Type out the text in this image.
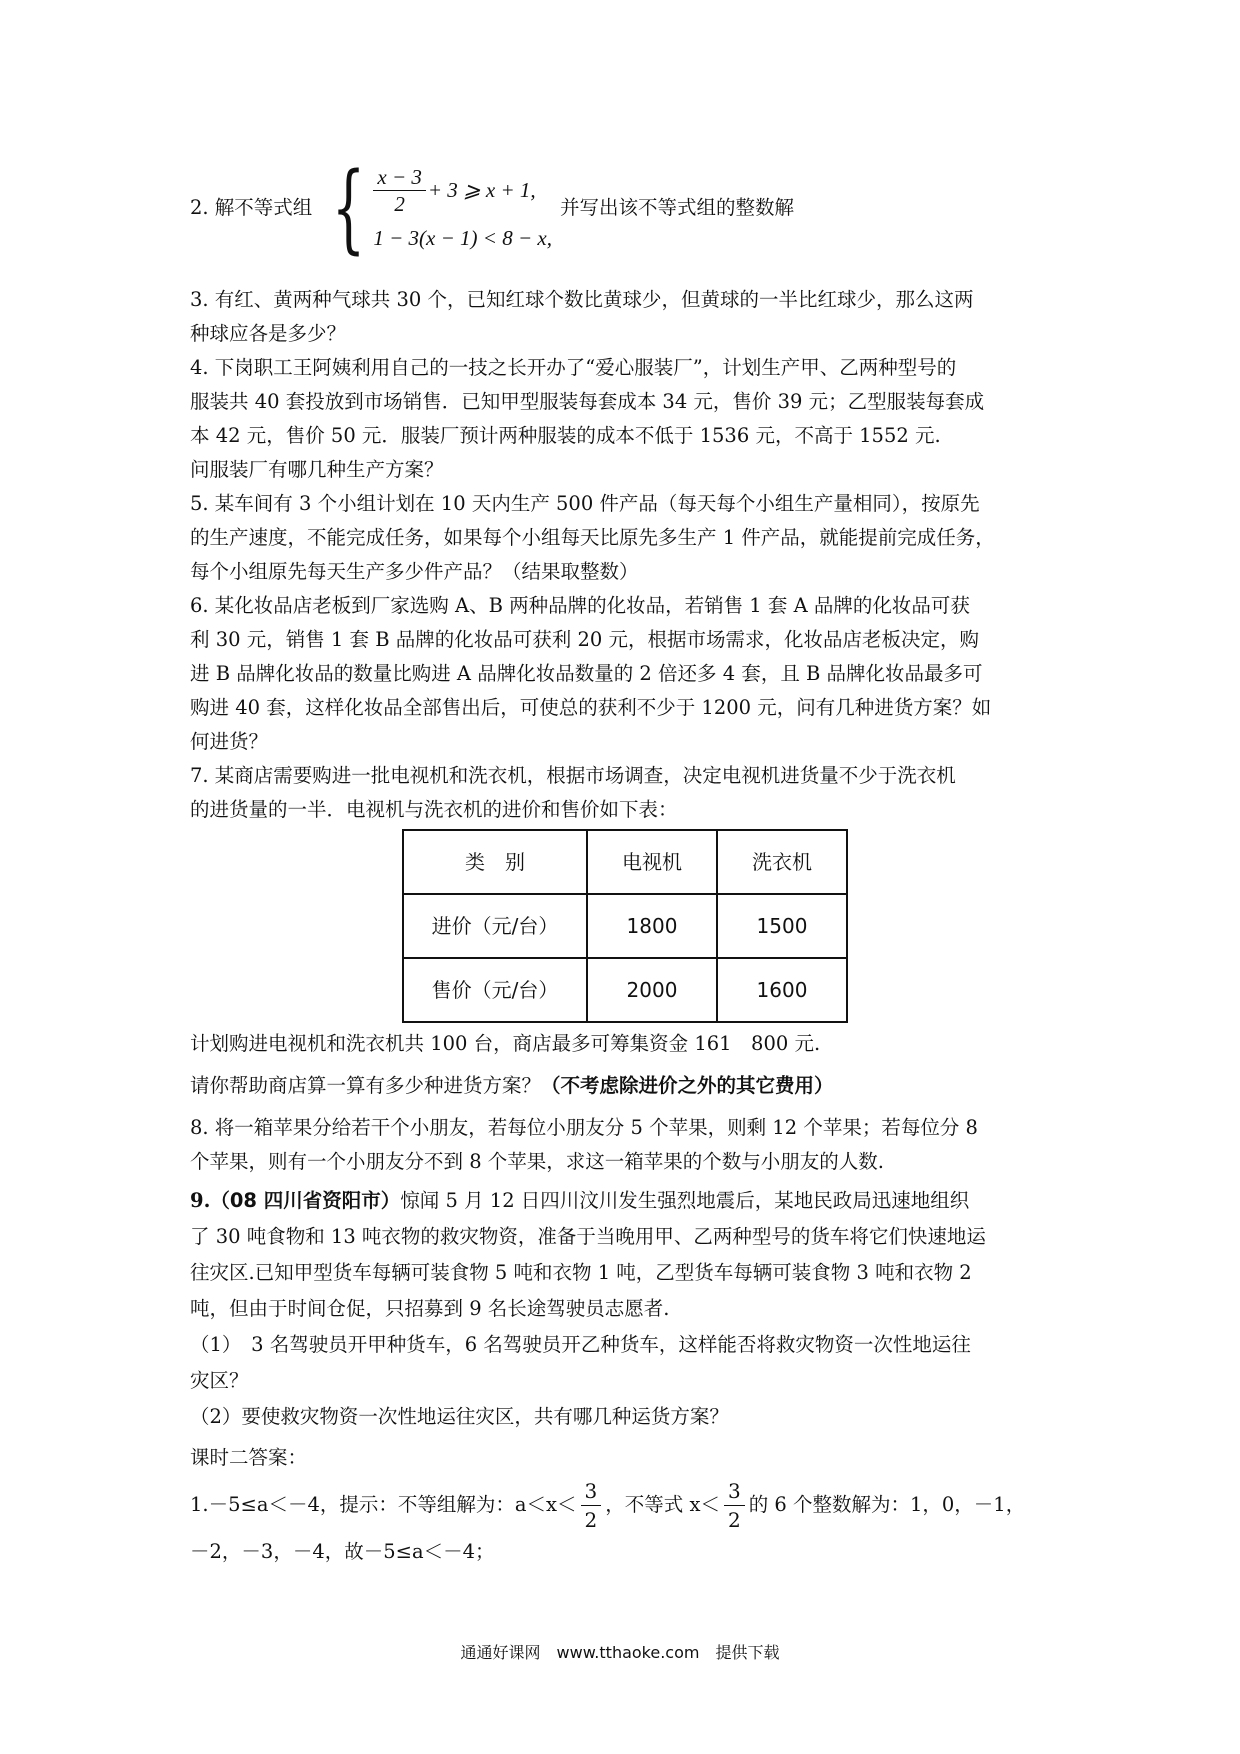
2. 解不等式组 { $\frac{x - 3}{2} + 3$ ⩾ x + 1,
1 − 3(x − 1) < 8 − x,
并写出该不等式组的整数解

3. 有红、黄两种气球共 30 个，已知红球个数比黄球少，但黄球的一半比红球少，那么这两

种球应各是多少？

4. 下岗职工王阿姨利用自己的一技之长开办了“爱心服装厂”，计划生产甲、乙两种型号的

服装共 40 套投放到市场销售．已知甲型服装每套成本 34 元，售价 39 元；乙型服装每套成

本 42 元，售价 50 元．服装厂预计两种服装的成本不低于 1536 元，不高于 1552 元.

问服装厂有哪几种生产方案？

5. 某车间有 3 个小组计划在 10 天内生产 500 件产品（每天每个小组生产量相同），按原先

的生产速度，不能完成任务，如果每个小组每天比原先多生产 1 件产品，就能提前完成任务，

每个小组原先每天生产多少件产品？（结果取整数）

6. 某化妆品店老板到厂家选购 A、B 两种品牌的化妆品，若销售 1 套 A 品牌的化妆品可获

利 30 元，销售 1 套 B 品牌的化妆品可获利 20 元，根据市场需求，化妆品店老板决定，购

进 B 品牌化妆品的数量比购进 A 品牌化妆品数量的 2 倍还多 4 套，且 B 品牌化妆品最多可

购进 40 套，这样化妆品全部售出后，可使总的获利不少于 1200 元，问有几种进货方案？如

何进货？

7. 某商店需要购进一批电视机和洗衣机，根据市场调查，决定电视机进货量不少于洗衣机

的进货量的一半．电视机与洗衣机的进价和售价如下表：

类　别	电视机	洗衣机
进价（元/台）	1800	1500
售价（元/台）	2000	1600

计划购进电视机和洗衣机共 100 台，商店最多可筹集资金 161　800 元.

请你帮助商店算一算有多少种进货方案？（不考虑除进价之外的其它费用）

8. 将一箱苹果分给若干个小朋友，若每位小朋友分 5 个苹果，则剩 12 个苹果；若每位分 8

个苹果，则有一个小朋友分不到 8 个苹果，求这一箱苹果的个数与小朋友的人数.

9.（08 四川省资阳市）惊闻 5 月 12 日四川汶川发生强烈地震后，某地民政局迅速地组织

了 30 吨食物和 13 吨衣物的救灾物资，准备于当晚用甲、乙两种型号的货车将它们快速地运

往灾区.已知甲型货车每辆可装食物 5 吨和衣物 1 吨，乙型货车每辆可装食物 3 吨和衣物 2

吨，但由于时间仓促，只招募到 9 名长途驾驶员志愿者.

（1）　3 名驾驶员开甲种货车，6 名驾驶员开乙种货车，这样能否将救灾物资一次性地运往

灾区？

（2）要使救灾物资一次性地运往灾区，共有哪几种运货方案？

课时二答案：

1.－5≤a＜－4，提示：不等组解为：$a<x< \frac{3}{2}$ ，不等式 $x< \frac{3}{2}$ 的 6 个整数解为：1，0，－1，

－2，－3，－4，故－5≤a＜－4；

通通好课网　www.tthaoke.com　提供下载
